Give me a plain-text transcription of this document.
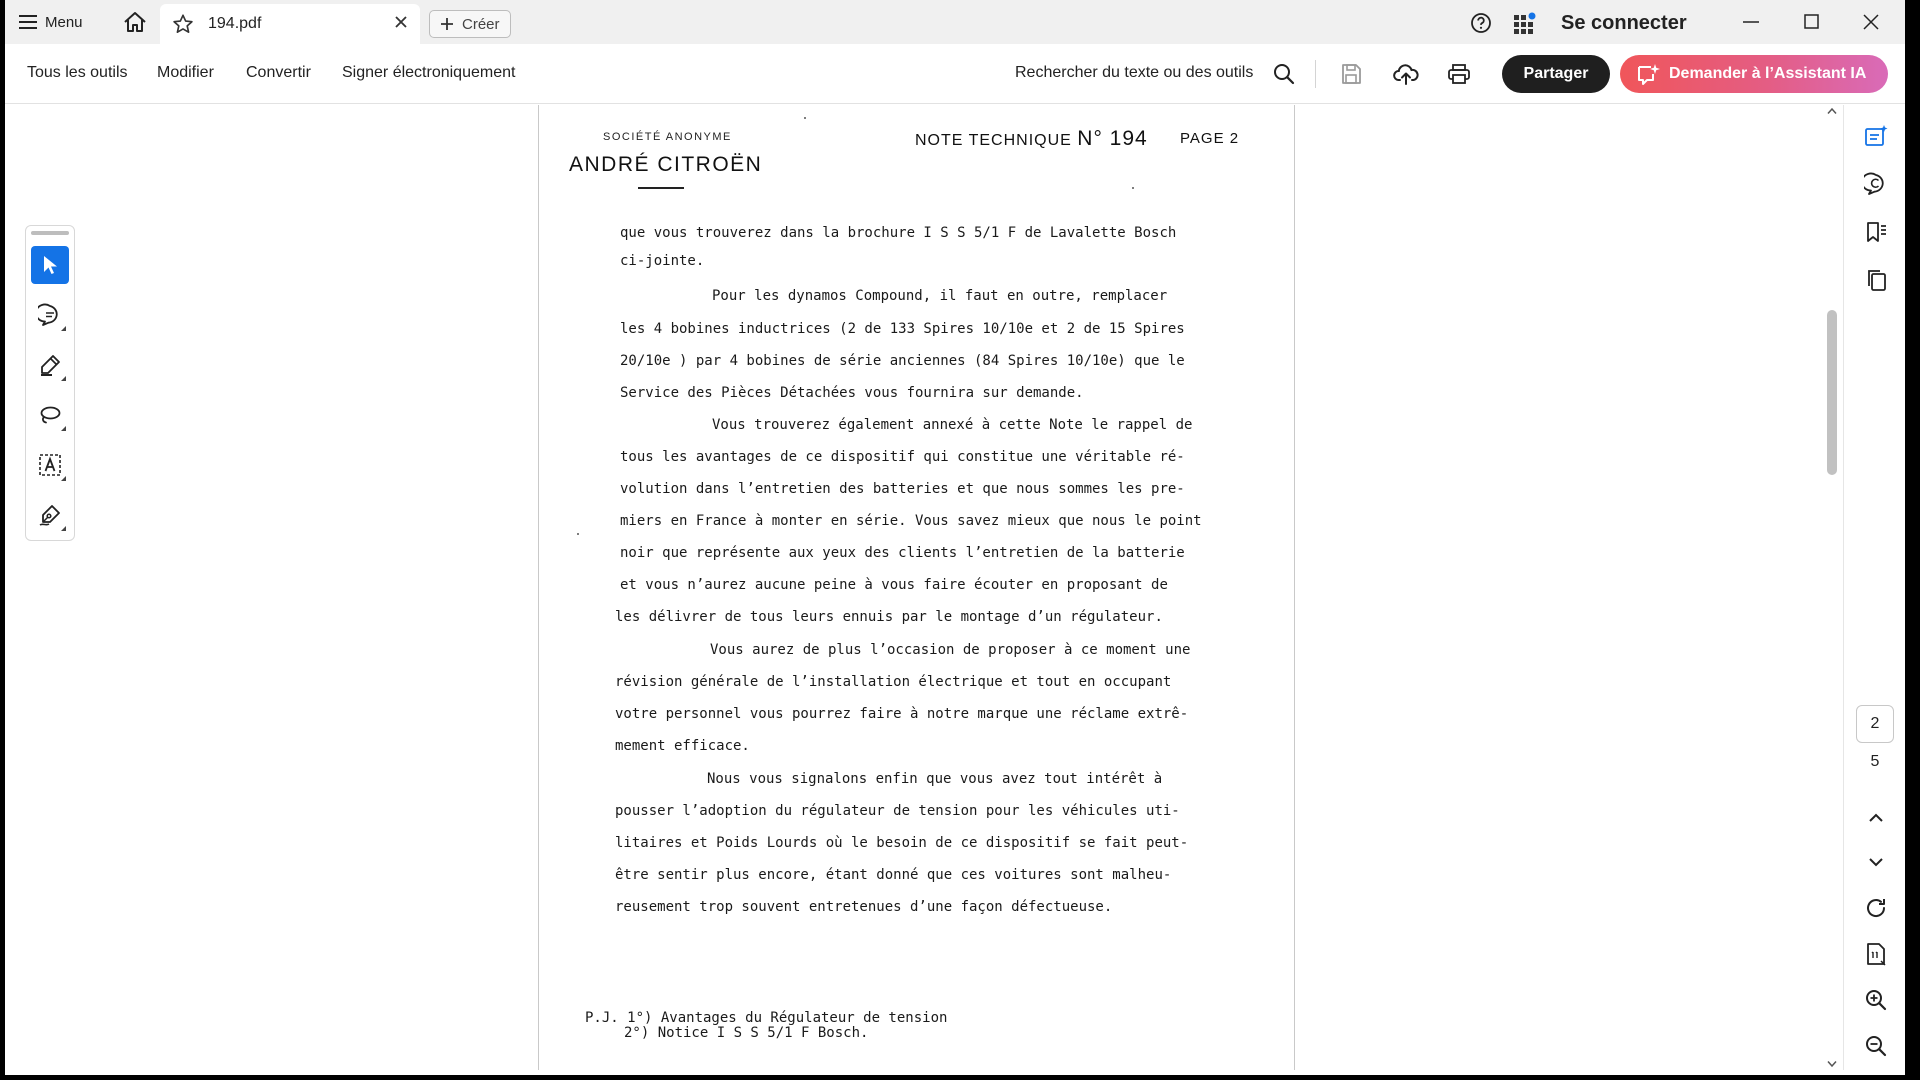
Menu	194.pdf	Créer	Se connecter
Tous les outils Modifier Convertir Signer électroniquement	Rechercher du texte ou des outils	Partager	Demander à l’Assistant IA
SOCIÉTÉ ANONYME
ANDRÉ CITROËN
NOTE TECHNIQUE N° 194 PAGE 2
que vous trouverez dans la brochure I S S 5/1 F de Lavalette Bosch
ci-jointe.
Pour les dynamos Compound, il faut en outre, remplacer
les 4 bobines inductrices (2 de 133 Spires 10/10e et 2 de 15 Spires
20/10e ) par 4 bobines de série anciennes (84 Spires 10/10e) que le
Service des Pièces Détachées vous fournira sur demande.
Vous trouverez également annexé à cette Note le rappel de
tous les avantages de ce dispositif qui constitue une véritable ré-
volution dans l’entretien des batteries et que nous sommes les pre-
miers en France à monter en série. Vous savez mieux que nous le point
noir que représente aux yeux des clients l’entretien de la batterie
et vous n’aurez aucune peine à vous faire écouter en proposant de
les délivrer de tous leurs ennuis par le montage d’un régulateur.
Vous aurez de plus l’occasion de proposer à ce moment une
révision générale de l’installation électrique et tout en occupant
votre personnel vous pourrez faire à notre marque une réclame extrê-
mement efficace.
Nous vous signalons enfin que vous avez tout intérêt à
pousser l’adoption du régulateur de tension pour les véhicules uti-
litaires et Poids Lourds où le besoin de ce dispositif se fait peut-
être sentir plus encore, étant donné que ces voitures sont malheu-
reusement trop souvent entretenues d’une façon défectueuse.
P.J. 1°) Avantages du Régulateur de tension
2°) Notice I S S 5/1 F Bosch.
2
5
